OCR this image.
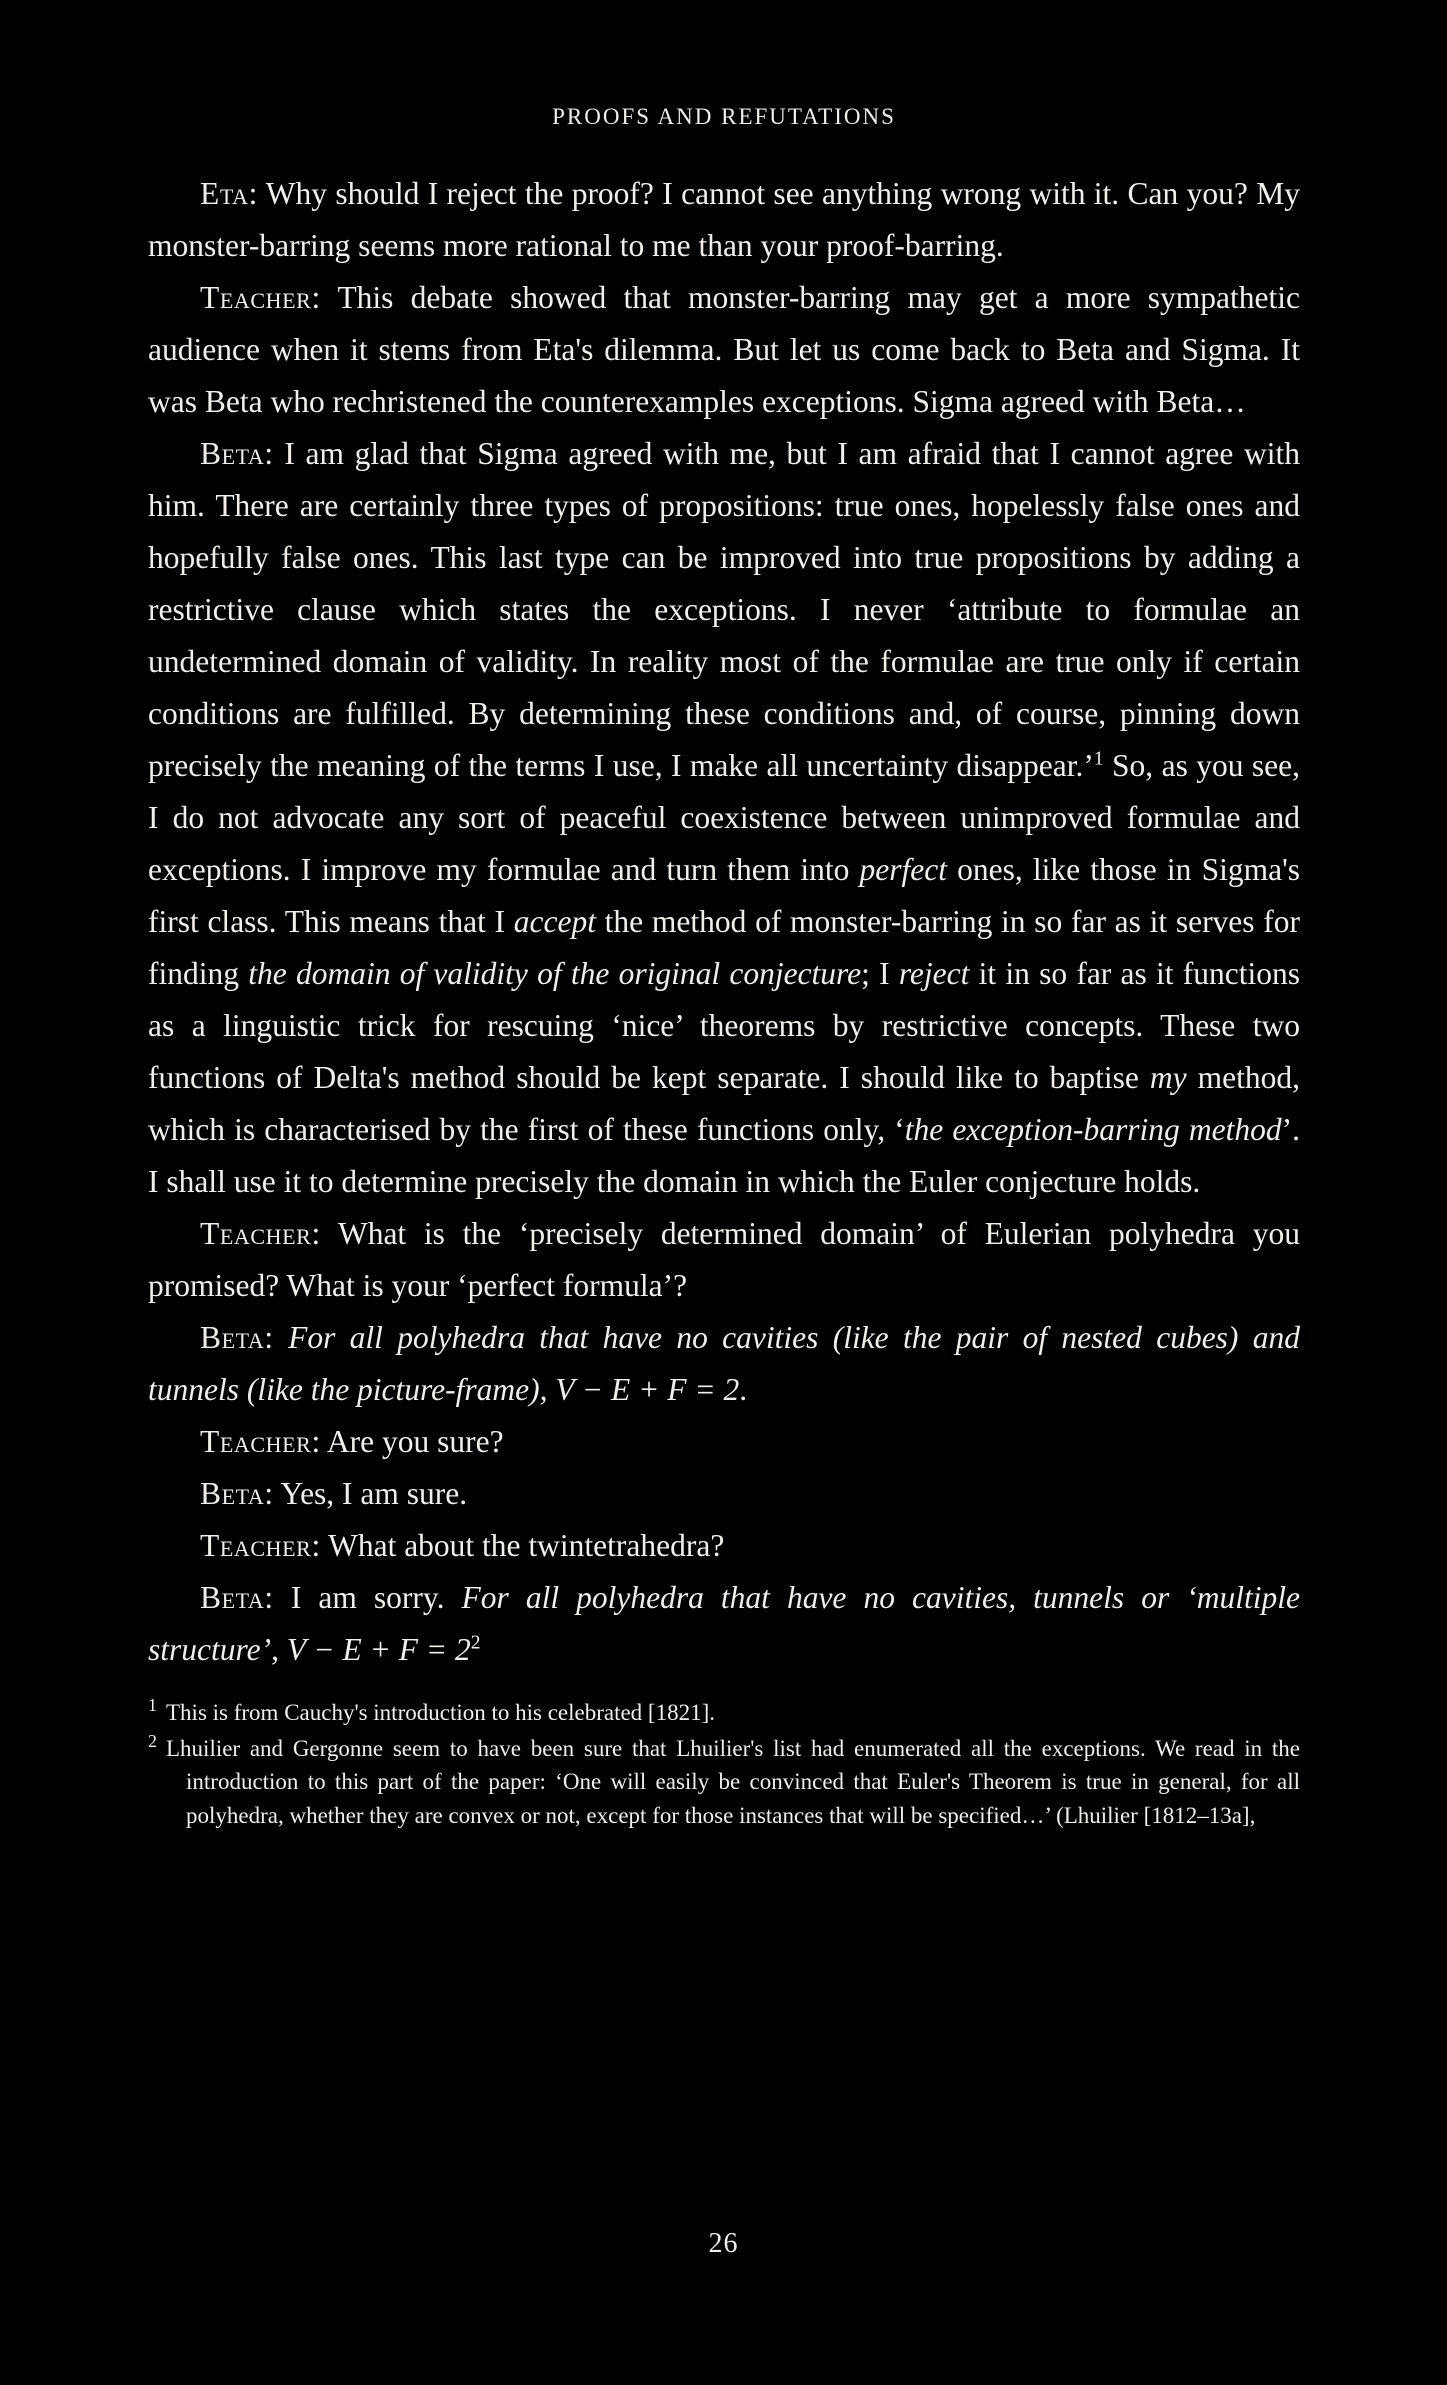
PROOFS AND REFUTATIONS

Eta: Why should I reject the proof? I cannot see anything wrong with it. Can you? My monster-barring seems more rational to me than your proof-barring.

Teacher: This debate showed that monster-barring may get a more sympathetic audience when it stems from Eta's dilemma. But let us come back to Beta and Sigma. It was Beta who rechristened the counterexamples exceptions. Sigma agreed with Beta…

Beta: I am glad that Sigma agreed with me, but I am afraid that I cannot agree with him. There are certainly three types of propositions: true ones, hopelessly false ones and hopefully false ones. This last type can be improved into true propositions by adding a restrictive clause which states the exceptions. I never ‘attribute to formulae an undetermined domain of validity. In reality most of the formulae are true only if certain conditions are fulfilled. By determining these conditions and, of course, pinning down precisely the meaning of the terms I use, I make all uncertainty disappear.’$^1$ So, as you see, I do not advocate any sort of peaceful coexistence between unimproved formulae and exceptions. I improve my formulae and turn them into perfect ones, like those in Sigma's first class. This means that I accept the method of monster-barring in so far as it serves for finding the domain of validity of the original conjecture; I reject it in so far as it functions as a linguistic trick for rescuing ‘nice’ theorems by restrictive concepts. These two functions of Delta's method should be kept separate. I should like to baptise my method, which is characterised by the first of these functions only, ‘the exception-barring method’. I shall use it to determine precisely the domain in which the Euler conjecture holds.

Teacher: What is the ‘precisely determined domain’ of Eulerian polyhedra you promised? What is your ‘perfect formula’?

Beta: For all polyhedra that have no cavities (like the pair of nested cubes) and tunnels (like the picture-frame), V − E + F = 2.

Teacher: Are you sure?

Beta: Yes, I am sure.

Teacher: What about the twintetrahedra?

Beta: I am sorry. For all polyhedra that have no cavities, tunnels or ‘multiple structure’, $V - E + F = 2^2$

$^1$ This is from Cauchy's introduction to his celebrated [1821].

$^2$ Lhuilier and Gergonne seem to have been sure that Lhuilier's list had enumerated all the exceptions. We read in the introduction to this part of the paper: ‘One will easily be convinced that Euler's Theorem is true in general, for all polyhedra, whether they are convex or not, except for those instances that will be specified…’ (Lhuilier [1812–13a],

26
